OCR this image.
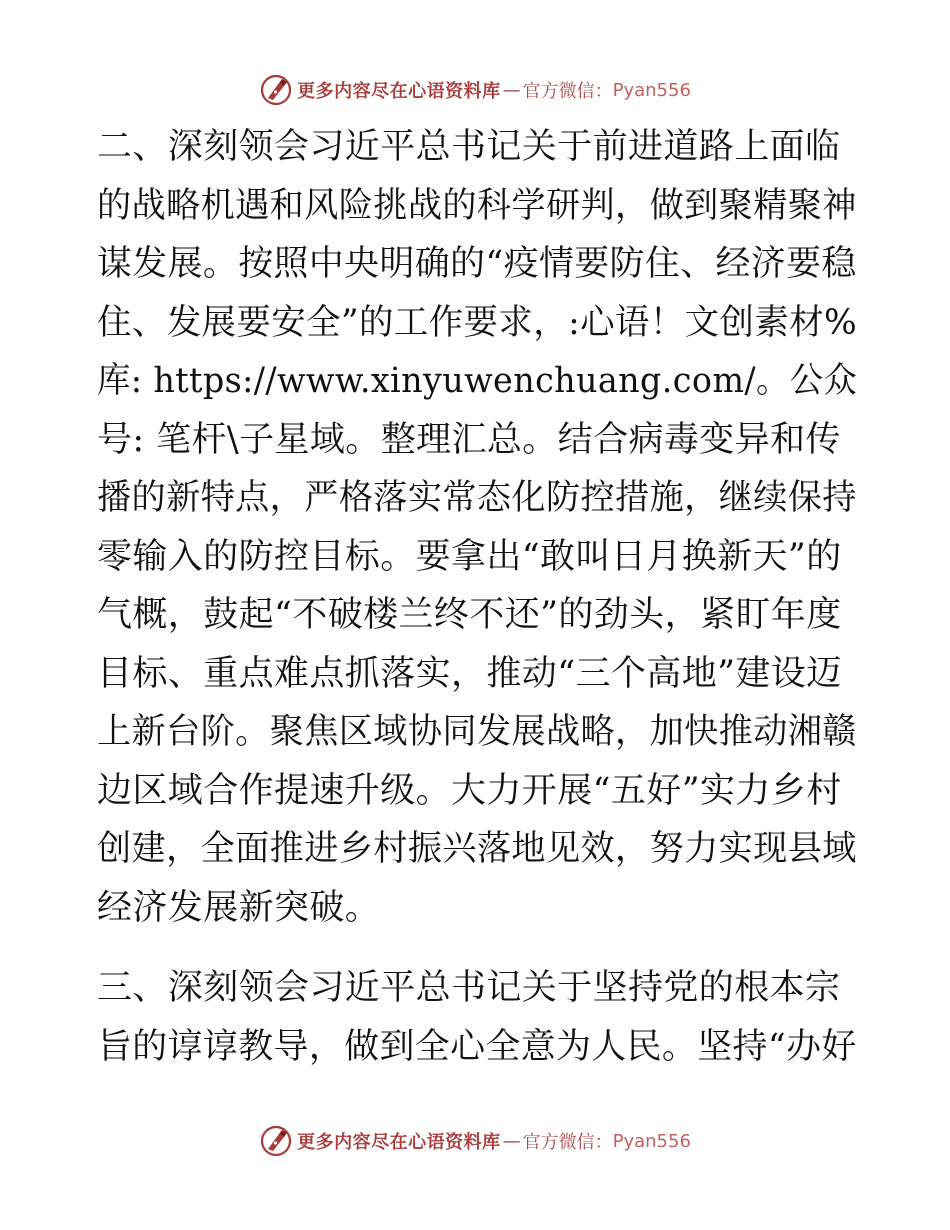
更多内容尽在心语资料库 — 官方微信： Pyan556

二、深刻领会习近平总书记关于前进道路上面临
的战略机遇和风险挑战的科学研判，做到聚精聚神
谋发展。按照中央明确的“疫情要防住、经济要稳
住、发展要安全”的工作要求，:心语！文创素材%
库: https://www.xinyuwenchuang.com/。公众
号: 笔杆\子星域。整理汇总。结合病毒变异和传
播的新特点，严格落实常态化防控措施，继续保持
零输入的防控目标。要拿出“敢叫日月换新天”的
气概，鼓起“不破楼兰终不还”的劲头，紧盯年度
目标、重点难点抓落实，推动“三个高地”建设迈
上新台阶。聚焦区域协同发展战略，加快推动湘赣
边区域合作提速升级。大力开展“五好”实力乡村
创建，全面推进乡村振兴落地见效，努力实现县域
经济发展新突破。

三、深刻领会习近平总书记关于坚持党的根本宗
旨的谆谆教导，做到全心全意为人民。坚持“办好

更多内容尽在心语资料库 — 官方微信： Pyan556
